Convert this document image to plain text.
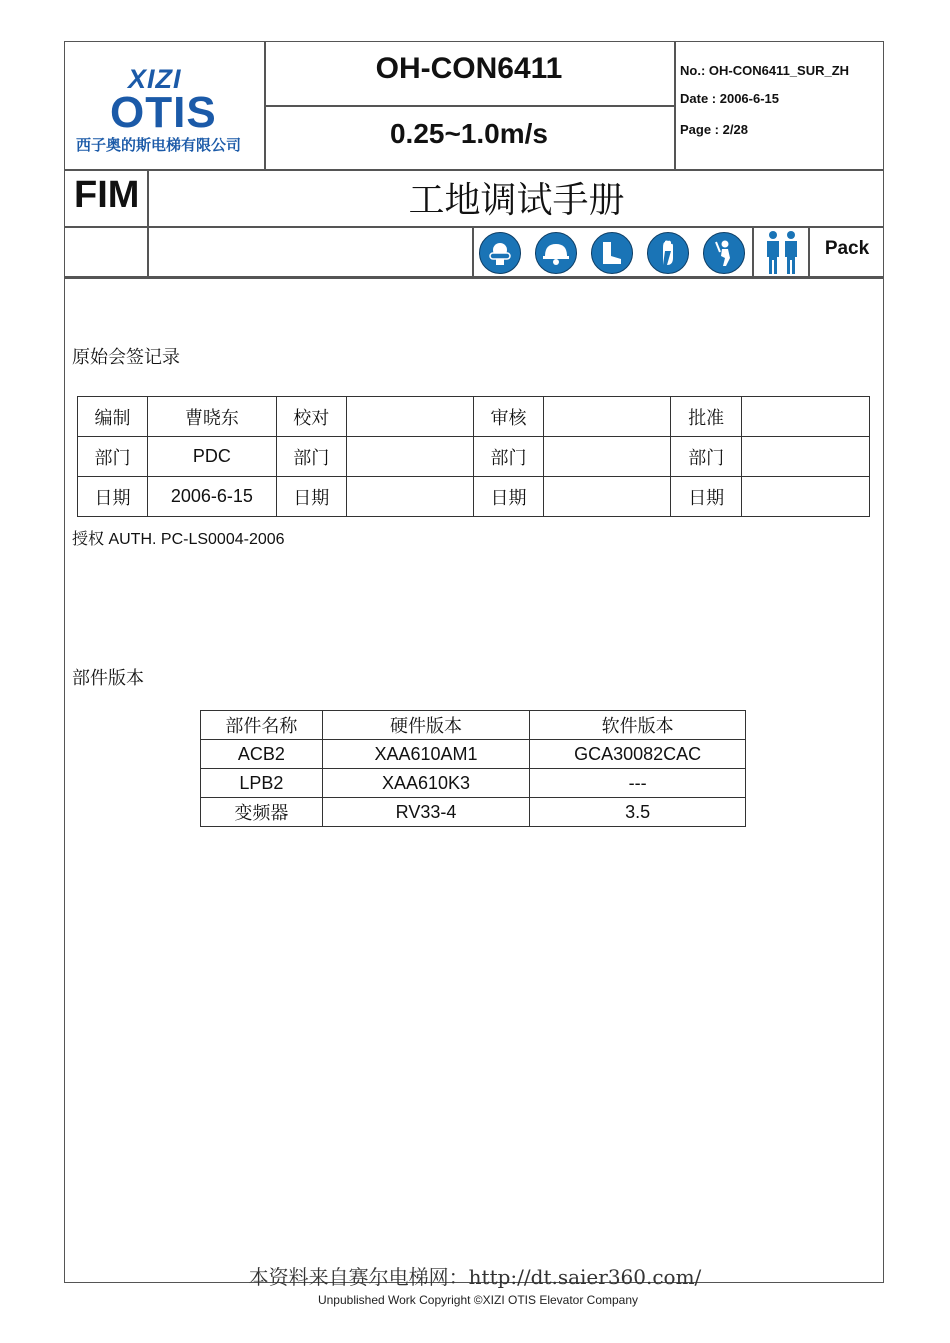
XIZI
OTIS
西子奥的斯电梯有限公司
OH-CON6411
0.25~1.0m/s
No.: OH-CON6411_SUR_ZH
Date : 2006-6-15
Page : 2/28
FIM	工地调试手册
Pack
原始会签记录
编制	曹晓东	校对		审核		批准	
部门	PDC	部门		部门		部门	
日期	2006-6-15	日期		日期		日期	
授权 AUTH. PC-LS0004-2006
部件版本
部件名称	硬件版本	软件版本
ACB2	XAA610AM1	GCA30082CAC
LPB2	XAA610K3	---
变频器	RV33-4	3.5
本资料来自赛尔电梯网：http://dt.saier360.com/
Unpublished Work Copyright ©XIZI OTIS Elevator Company
